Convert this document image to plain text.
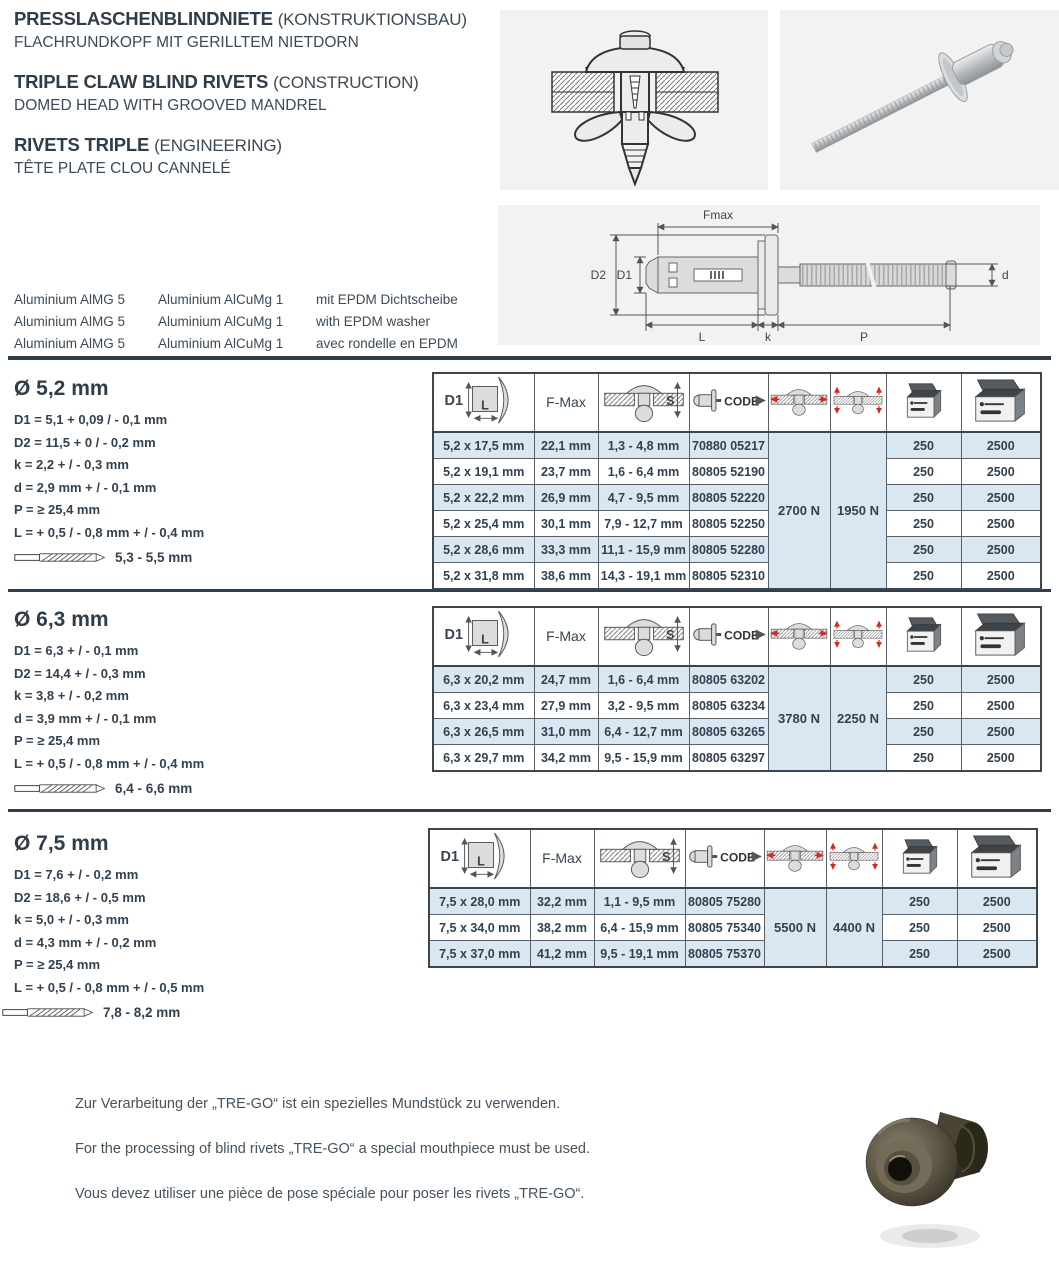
PRESSLASCHENBLINDNIETE (KONSTRUKTIONSBAU)
FLACHRUNDKOPF MIT GERILLTEM NIETDORN
TRIPLE CLAW BLIND RIVETS (CONSTRUCTION)
DOMED HEAD WITH GROOVED MANDREL
RIVETS TRIPLE (ENGINEERING)
TÊTE PLATE CLOU CANNELÉ
Fmax
D2 D1	d
L	k	P
Aluminium AlMG 5	Aluminium AlCuMg 1	mit EPDM Dichtscheibe
Aluminium AlMG 5	Aluminium AlCuMg 1	with EPDM washer
Aluminium AlMG 5	Aluminium AlCuMg 1	avec rondelle en EPDM
Ø 5,2 mm
D1 = 5,1 + 0,09 / - 0,1 mm
D2 = 11,5 + 0 / - 0,2 mm
k = 2,2 + / - 0,3 mm
d = 2,9 mm + / - 0,1 mm
P = ≥ 25,4 mm
L = + 0,5 / - 0,8 mm + / - 0,4 mm
5,3 - 5,5 mm
	F-Max						
5,2 x 17,5 mm	22,1 mm	1,3 - 4,8 mm	70880 05217	2700 N	1950 N	250	2500
5,2 x 19,1 mm	23,7 mm	1,6 - 6,4 mm	80805 52190			250	2500
5,2 x 22,2 mm	26,9 mm	4,7 - 9,5 mm	80805 52220			250	2500
5,2 x 25,4 mm	30,1 mm	7,9 - 12,7 mm	80805 52250			250	2500
5,2 x 28,6 mm	33,3 mm	11,1 - 15,9 mm	80805 52280			250	2500
5,2 x 31,8 mm	38,6 mm	14,3 - 19,1 mm	80805 52310			250	2500
Ø 6,3 mm
D1 = 6,3 + / - 0,1 mm
D2 = 14,4 + / - 0,3 mm
k = 3,8 + / - 0,2 mm
d = 3,9 mm + / - 0,1 mm
P = ≥ 25,4 mm
L = + 0,5 / - 0,8 mm + / - 0,4 mm
6,4 - 6,6 mm
	F-Max						
6,3 x 20,2 mm	24,7 mm	1,6 - 6,4 mm	80805 63202	3780 N	2250 N	250	2500
6,3 x 23,4 mm	27,9 mm	3,2 - 9,5 mm	80805 63234			250	2500
6,3 x 26,5 mm	31,0 mm	6,4 - 12,7 mm	80805 63265			250	2500
6,3 x 29,7 mm	34,2 mm	9,5 - 15,9 mm	80805 63297			250	2500
Ø 7,5 mm
D1 = 7,6 + / - 0,2 mm
D2 = 18,6 + / - 0,5 mm
k = 5,0 + / - 0,3 mm
d = 4,3 mm + / - 0,2 mm
P = ≥ 25,4 mm
L = + 0,5 / - 0,8 mm + / - 0,5 mm
7,8 - 8,2 mm
	F-Max						
7,5 x 28,0 mm	32,2 mm	1,1 - 9,5 mm	80805 75280	5500 N	4400 N	250	2500
7,5 x 34,0 mm	38,2 mm	6,4 - 15,9 mm	80805 75340			250	2500
7,5 x 37,0 mm	41,2 mm	9,5 - 19,1 mm	80805 75370			250	2500
Zur Verarbeitung der „TRE-GO“ ist ein spezielles Mundstück zu verwenden.
For the processing of blind rivets „TRE-GO“ a special mouthpiece must be used.
Vous devez utiliser une pièce de pose spéciale pour poser les rivets „TRE-GO“.
